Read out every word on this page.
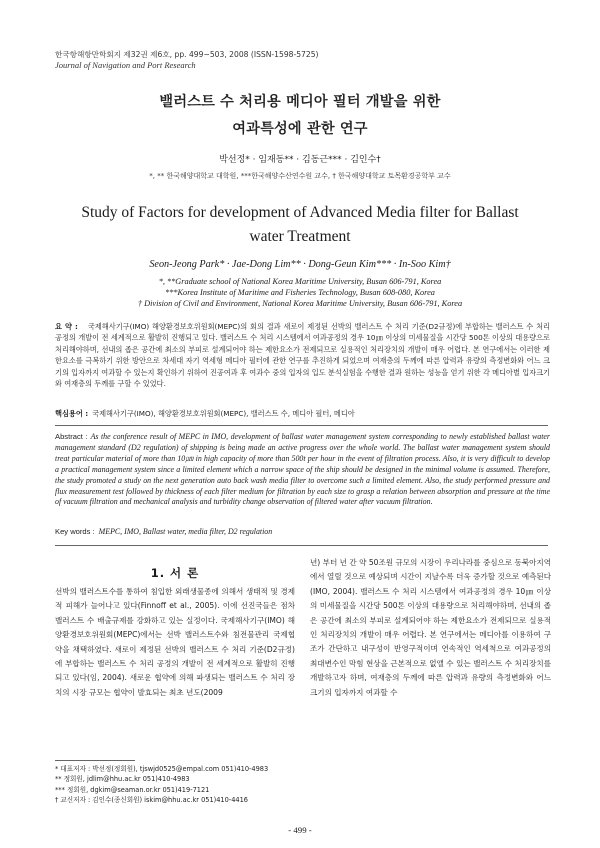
한국항해항만학회지 제32권 제6호, pp. 499~503, 2008 (ISSN-1598-5725)
Journal of Navigation and Port Research
밸러스트 수 처리용 메디아 필터 개발을 위한
여과특성에 관한 연구
박선정* · 임재동** · 김동근*** · 김인수†
*, ** 한국해양대학교 대학원, ***한국해양수산연수원 교수, † 한국해양대학교 토목환경공학부 교수
Study of Factors for development of Advanced Media filter for Ballast
water Treatment
Seon-Jeong Park* · Jae-Dong Lim** · Dong-Geun Kim*** · In-Soo Kim†
*, **Graduate school of National Korea Maritime University, Busan 606-791, Korea
***Korea Institute of Maritime and Fisheries Technology, Busan 608-080, Korea
† Division of Civil and Environment, National Korea Maritime University, Busan 606-791, Korea
요 약 : 국제해사기구(IMO) 해양환경보호위원회(MEPC)의 회의 결과 새로이 제정된 선박의 밸러스트 수 처리 기준(D2규정)에 부합하는 밸러스트 수 처리 공정의 개발이 전 세계적으로 활발히 진행되고 있다. 밸러스트 수 처리 시스템에서 여과공정의 경우 10㎛ 이상의 미세물질을 시간당 500톤 이상의 대용량으로 처리해야하며, 선내의 좁은 공간에 최소의 부피로 설계되어야 하는 제한요소가 전제되므로 실용적인 처리장치의 개발이 매우 어렵다. 본 연구에서는 이러한 제한요소를 극복하기 위한 방안으로 차세대 자기 역세형 메디아 필터에 관한 연구를 추진하게 되었으며 여재층의 두께에 따른 압력과 유량의 측정변화와 어느 크기의 입자까지 여과할 수 있는지 확인하기 위하여 진공여과 후 여과수 중의 입자의 입도 분석실험을 수행한 결과 원하는 성능을 얻기 위한 각 메디아별 입자크기와 여재층의 두께를 구할 수 있었다.
핵심용어 : 국제해사기구(IMO), 해양환경보호위원회(MEPC), 밸러스트 수, 메디아 필터, 메디아
Abstract : As the conference result of MEPC in IMO, development of ballast water management system corresponding to newly established ballast water management standard (D2 regulation) of shipping is being made an active progress over the whole world. The ballast water management system should treat particular material of more than 10㎛ in high capacity of more than 500t per hour in the event of filtration process. Also, it is very difficult to develop a practical management system since a limited element which a narrow space of the ship should be designed in the minimal volume is assumed. Therefore, the study promoted a study on the next generation auto back wash media filter to overcome such a limited element. Also, the study performed pressure and flux measurement test followed by thickness of each filter medium for filtration by each size to grasp a relation between absorption and pressure at the time of vacuum filtration and mechanical analysis and turbidity change observation of filtered water after vacuum filtration.
Key words : MEPC, IMO, Ballast water, media filter, D2 regulation
1. 서 론
선박의 밸러스트수를 통하여 침입한 외래생물종에 의해서 생태적 및 경제적 피해가 늘어나고 있다(Finnoff et al., 2005). 이에 선진국들은 점차 밸러스트 수 배출규제를 강화하고 있는 실정이다. 국제해사기구(IMO) 해양환경보호위원회(MEPC)에서는 선박 밸러스트수와 침전물관리 국제협약을 채택하였다. 새로이 제정된 선박의 밸러스트 수 처리 기준(D2규정)에 부합하는 밸러스트 수 처리 공정의 개발이 전 세계적으로 활발히 진행되고 있다(임, 2004). 새로운 협약에 의해 파생되는 밸러스트 수 처리 장치의 시장 규모는 협약이 발효되는 최초 년도(2009
년) 부터 년 간 약 50조원 규모의 시장이 우리나라를 중심으로 동북아지역에서 열릴 것으로 예상되며 시간이 지날수록 더욱 증가할 것으로 예측된다(IMO, 2004). 밸러스트 수 처리 시스템에서 여과공정의 경우 10㎛ 이상의 미세물질을 시간당 500톤 이상의 대용량으로 처리해야하며, 선내의 좁은 공간에 최소의 부피로 설계되어야 하는 제한요소가 전제되므로 실용적인 처리장치의 개발이 매우 어렵다. 본 연구에서는 메디아를 이용하여 구조가 간단하고 내구성이 반영구적이며 연속적인 역세척으로 여과공정의 최대변수인 막힘 현상을 근본적으로 없앨 수 있는 밸러스트 수 처리장치를 개발하고자 하며, 여재층의 두께에 따른 압력과 유량의 측정변화와 어느 크기의 입자까지 여과할 수
* 대표저자 : 박선정(정회원), tjswjd0525@empal.com 051)410-4983
** 정회원, jdlim@hhu.ac.kr 051)410-4983
*** 정회원, dgkim@seaman.or.kr 051)419-7121
† 교신저자 : 김인수(종신회원) iskim@hhu.ac.kr 051)410-4416
- 499 -
